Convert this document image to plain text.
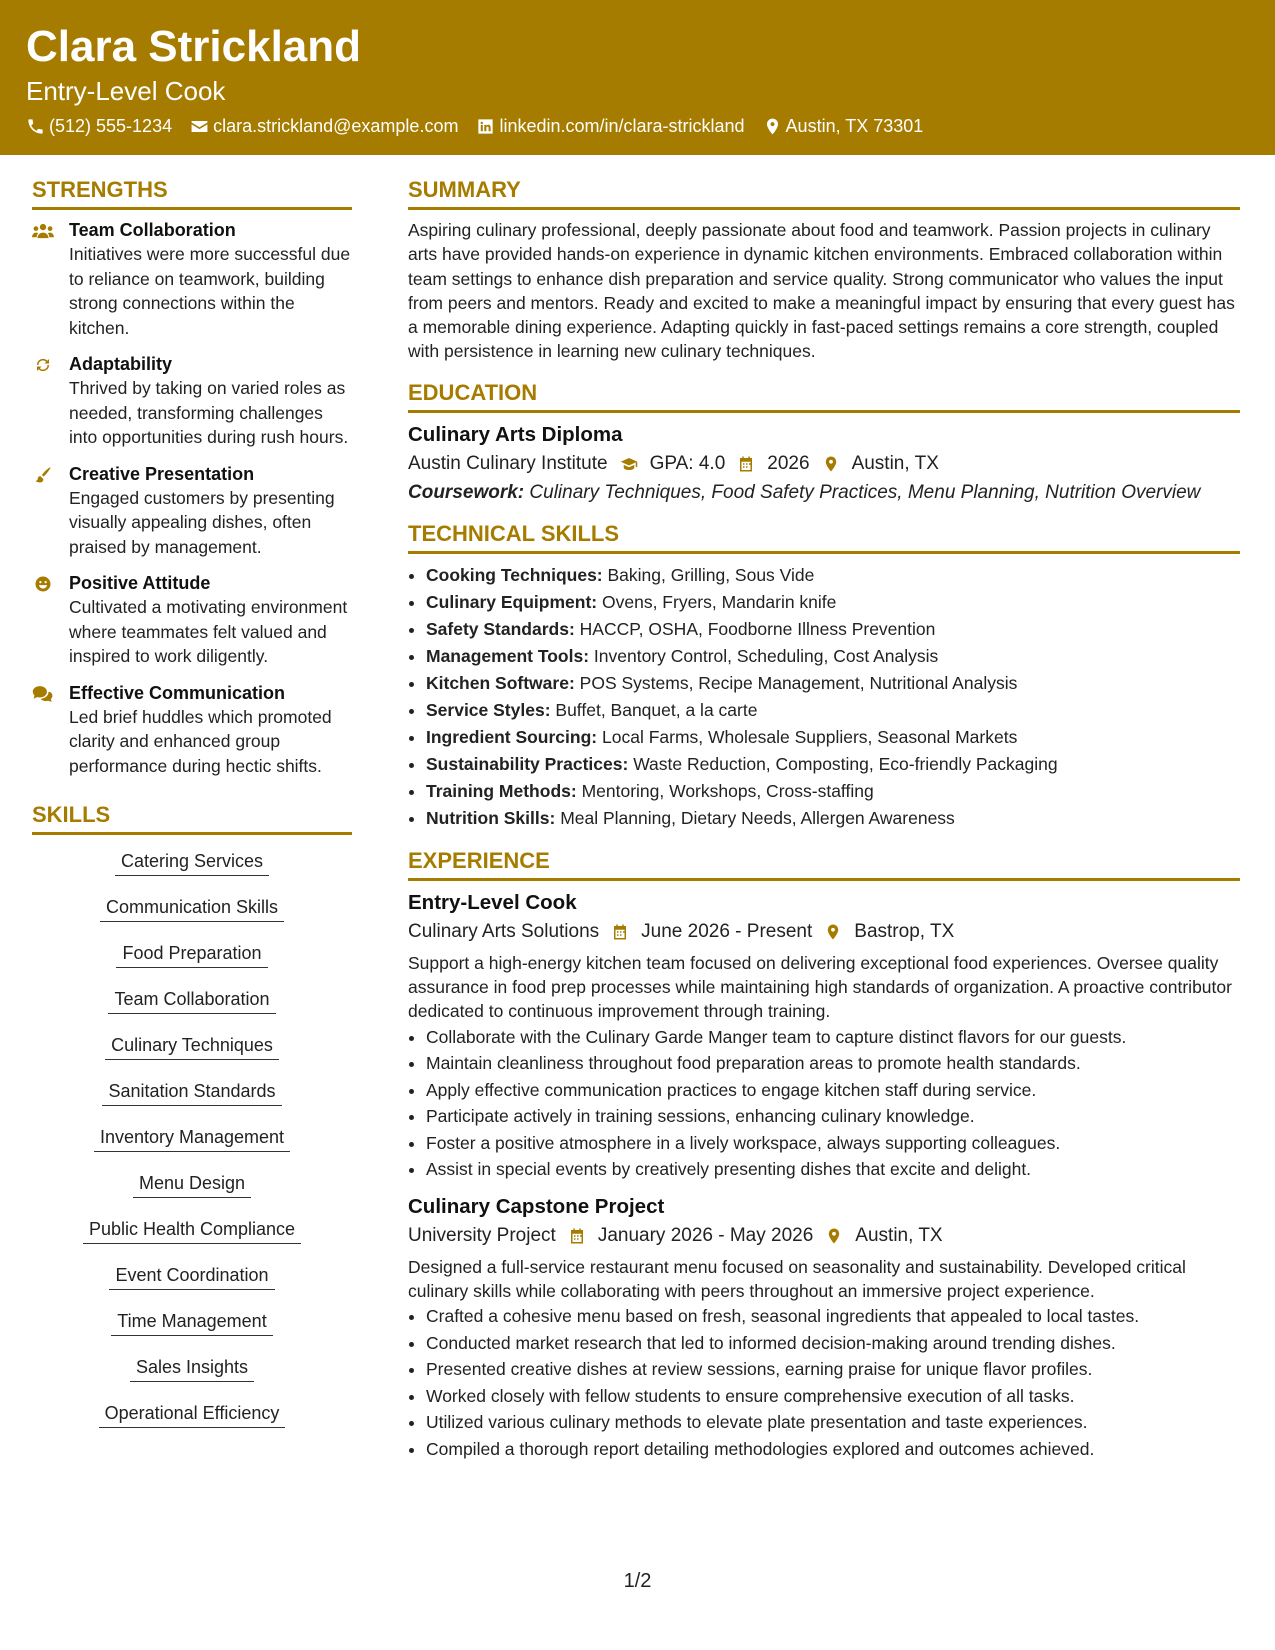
Clara Strickland
Entry-Level Cook
(512) 555-1234 clara.strickland@example.com linkedin.com/in/clara-strickland Austin, TX 73301
STRENGTHS
Team Collaboration
Initiatives were more successful due to reliance on teamwork, building strong connections within the kitchen.
Adaptability
Thrived by taking on varied roles as needed, transforming challenges into opportunities during rush hours.
Creative Presentation
Engaged customers by presenting visually appealing dishes, often praised by management.
Positive Attitude
Cultivated a motivating environment where teammates felt valued and inspired to work diligently.
Effective Communication
Led brief huddles which promoted clarity and enhanced group performance during hectic shifts.
SKILLS
Catering Services
Communication Skills
Food Preparation
Team Collaboration
Culinary Techniques
Sanitation Standards
Inventory Management
Menu Design
Public Health Compliance
Event Coordination
Time Management
Sales Insights
Operational Efficiency
SUMMARY

Aspiring culinary professional, deeply passionate about food and teamwork. Passion projects in culinary arts have provided hands-on experience in dynamic kitchen environments. Embraced collaboration within team settings to enhance dish preparation and service quality. Strong communicator who values the input from peers and mentors. Ready and excited to make a meaningful impact by ensuring that every guest has a memorable dining experience. Adapting quickly in fast-paced settings remains a core strength, coupled with persistence in learning new culinary techniques.

EDUCATION
Culinary Arts Diploma
Austin Culinary Institute GPA: 4.0 2026 Austin, TX
Coursework: Culinary Techniques, Food Safety Practices, Menu Planning, Nutrition Overview
TECHNICAL SKILLS
• Cooking Techniques: Baking, Grilling, Sous Vide
• Culinary Equipment: Ovens, Fryers, Mandarin knife
• Safety Standards: HACCP, OSHA, Foodborne Illness Prevention
• Management Tools: Inventory Control, Scheduling, Cost Analysis
• Kitchen Software: POS Systems, Recipe Management, Nutritional Analysis
• Service Styles: Buffet, Banquet, a la carte
• Ingredient Sourcing: Local Farms, Wholesale Suppliers, Seasonal Markets
• Sustainability Practices: Waste Reduction, Composting, Eco-friendly Packaging
• Training Methods: Mentoring, Workshops, Cross-staffing
• Nutrition Skills: Meal Planning, Dietary Needs, Allergen Awareness
EXPERIENCE
Entry-Level Cook
Culinary Arts Solutions June 2026 - Present Bastrop, TX

Support a high-energy kitchen team focused on delivering exceptional food experiences. Oversee quality assurance in food prep processes while maintaining high standards of organization. A proactive contributor dedicated to continuous improvement through training.

• Collaborate with the Culinary Garde Manger team to capture distinct flavors for our guests.
• Maintain cleanliness throughout food preparation areas to promote health standards.
• Apply effective communication practices to engage kitchen staff during service.
• Participate actively in training sessions, enhancing culinary knowledge.
• Foster a positive atmosphere in a lively workspace, always supporting colleagues.
• Assist in special events by creatively presenting dishes that excite and delight.
Culinary Capstone Project
University Project January 2026 - May 2026 Austin, TX

Designed a full-service restaurant menu focused on seasonality and sustainability. Developed critical culinary skills while collaborating with peers throughout an immersive project experience.

• Crafted a cohesive menu based on fresh, seasonal ingredients that appealed to local tastes.
• Conducted market research that led to informed decision-making around trending dishes.
• Presented creative dishes at review sessions, earning praise for unique flavor profiles.
• Worked closely with fellow students to ensure comprehensive execution of all tasks.
• Utilized various culinary methods to elevate plate presentation and taste experiences.
• Compiled a thorough report detailing methodologies explored and outcomes achieved.
1/2
